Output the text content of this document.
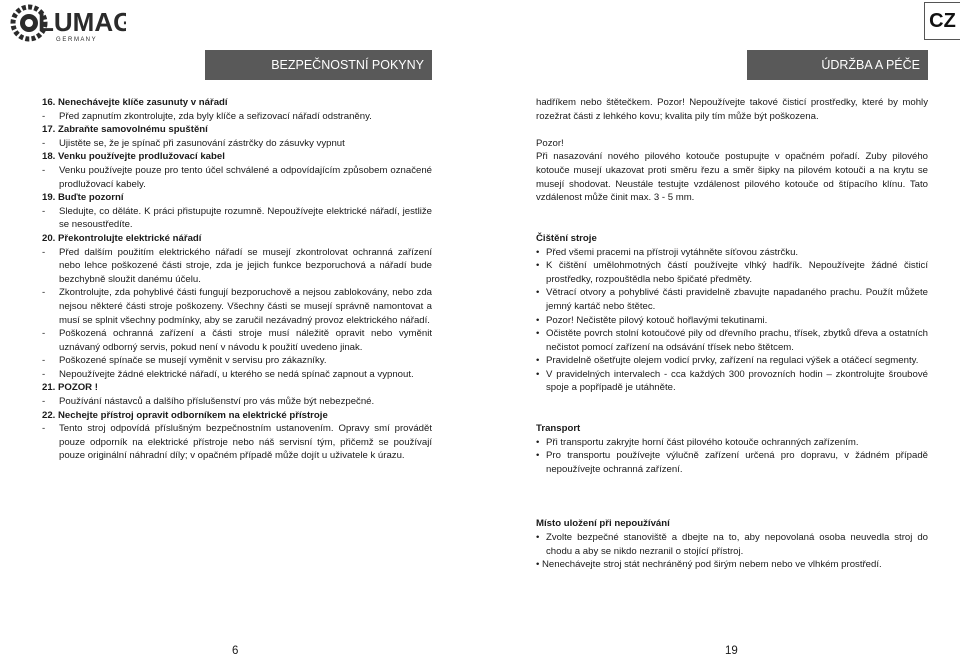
LUMAG
G E R M A N Y
CZ
BEZPEČNOSTNÍ POKYNY	ÚDRŽBA A PÉČE

16. Nenechávejte klíče zasunuty v nářadí

-	Před zapnutím zkontrolujte, zda byly klíče a seřizovací nářadí odstraněny.

17. Zabraňte samovolnému spuštění

-	Ujistěte se, že je spínač při zasunování zástrčky do zásuvky vypnut

18. Venku používejte prodlužovací kabel

-	Venku používejte pouze pro tento účel schválené a odpovídajícím způsobem označené prodlužovací kabely.

19. Buďte pozorní

-	Sledujte, co děláte. K práci přistupujte rozumně. Nepoužívejte elektrické nářadí, jestliže se nesoustředíte.

20. Překontrolujte elektrické nářadí

-	Před dalším použitím elektrického nářadí se musejí zkontrolovat ochranná zařízení nebo lehce poškozené části stroje, zda je jejich funkce bezporuchová a nářadí bude bezchybně sloužit danému účelu.
-	Zkontrolujte, zda pohyblivé části fungují bezporuchově a nejsou zablokovány, nebo zda nejsou některé části stroje poškozeny. Všechny části se musejí správně namontovat a musí se splnit všechny podmínky, aby se zaručil nezávadný provoz elektrického nářadí.
-	Poškozená ochranná zařízení a části stroje musí náležitě opravit nebo vyměnit uznávaný odborný servis, pokud není v návodu k použití uvedeno jinak.
-	Poškozené spínače se musejí vyměnit v servisu pro zákazníky.
-	Nepoužívejte žádné elektrické nářadí, u kterého se nedá spínač zapnout a vypnout.

21. POZOR !

-	Používání nástavců a dalšího příslušenství pro vás může být nebezpečné.

22. Nechejte přístroj opravit odborníkem na elektrické přístroje

-	Tento stroj odpovídá příslušným bezpečnostním ustanovením. Opravy smí provádět pouze odporník na elektrické přístroje nebo náš servisní tým, přičemž se používají pouze originální náhradní díly; v opačném případě může dojít u uživatele k úrazu.

hadříkem nebo štětečkem. Pozor! Nepoužívejte takové čisticí prostředky, které by mohly rozežrat části z lehkého kovu; kvalita pily tím může být poškozena.

Pozor!

Při nasazování nového pilového kotouče postupujte v opačném pořadí. Zuby pilového kotouče musejí ukazovat proti směru řezu a směr šipky na pilovém kotouči a na krytu se musejí shodovat. Neustále testujte vzdálenost pilového kotouče od štípacího klínu. Tato vzdálenost může činit max. 3 - 5 mm.

Čištění stroje

• Před všemi pracemi na přístroji vytáhněte síťovou zástrčku.
• K čištění umělohmotných částí používejte vlhký hadřík. Nepoužívejte žádné čisticí prostředky, rozpouštědla nebo špičaté předměty.
• Větrací otvory a pohyblivé části pravidelně zbavujte napadaného prachu. Použít můžete jemný kartáč nebo štětec.
• Pozor! Nečistěte pilový kotouč hořlavými tekutinami.
• Očistěte povrch stolní kotoučové pily od dřevního prachu, třísek, zbytků dřeva a ostatních nečistot pomocí zařízení na odsávání třísek nebo štětcem.
• Pravidelně ošetřujte olejem vodicí prvky, zařízení na regulaci výšek a otáčecí segmenty.
• V pravidelných intervalech - cca každých 300 provozních hodin – zkontrolujte šroubové spoje a popřípadě je utáhněte.

Transport

• Při transportu zakryjte horní část pilového kotouče ochranných zařízením.
• Pro transportu používejte výlučně zařízení určená pro dopravu, v žádném případě nepoužívejte ochranná zařízení.

Místo uložení při nepoužívání

• Zvolte bezpečné stanoviště a dbejte na to, aby nepovolaná osoba neuvedla stroj do chodu a aby se nikdo nezranil o stojící přístroj.
• Nenechávejte stroj stát nechráněný pod širým nebem nebo ve vlhkém prostředí.
6	19
